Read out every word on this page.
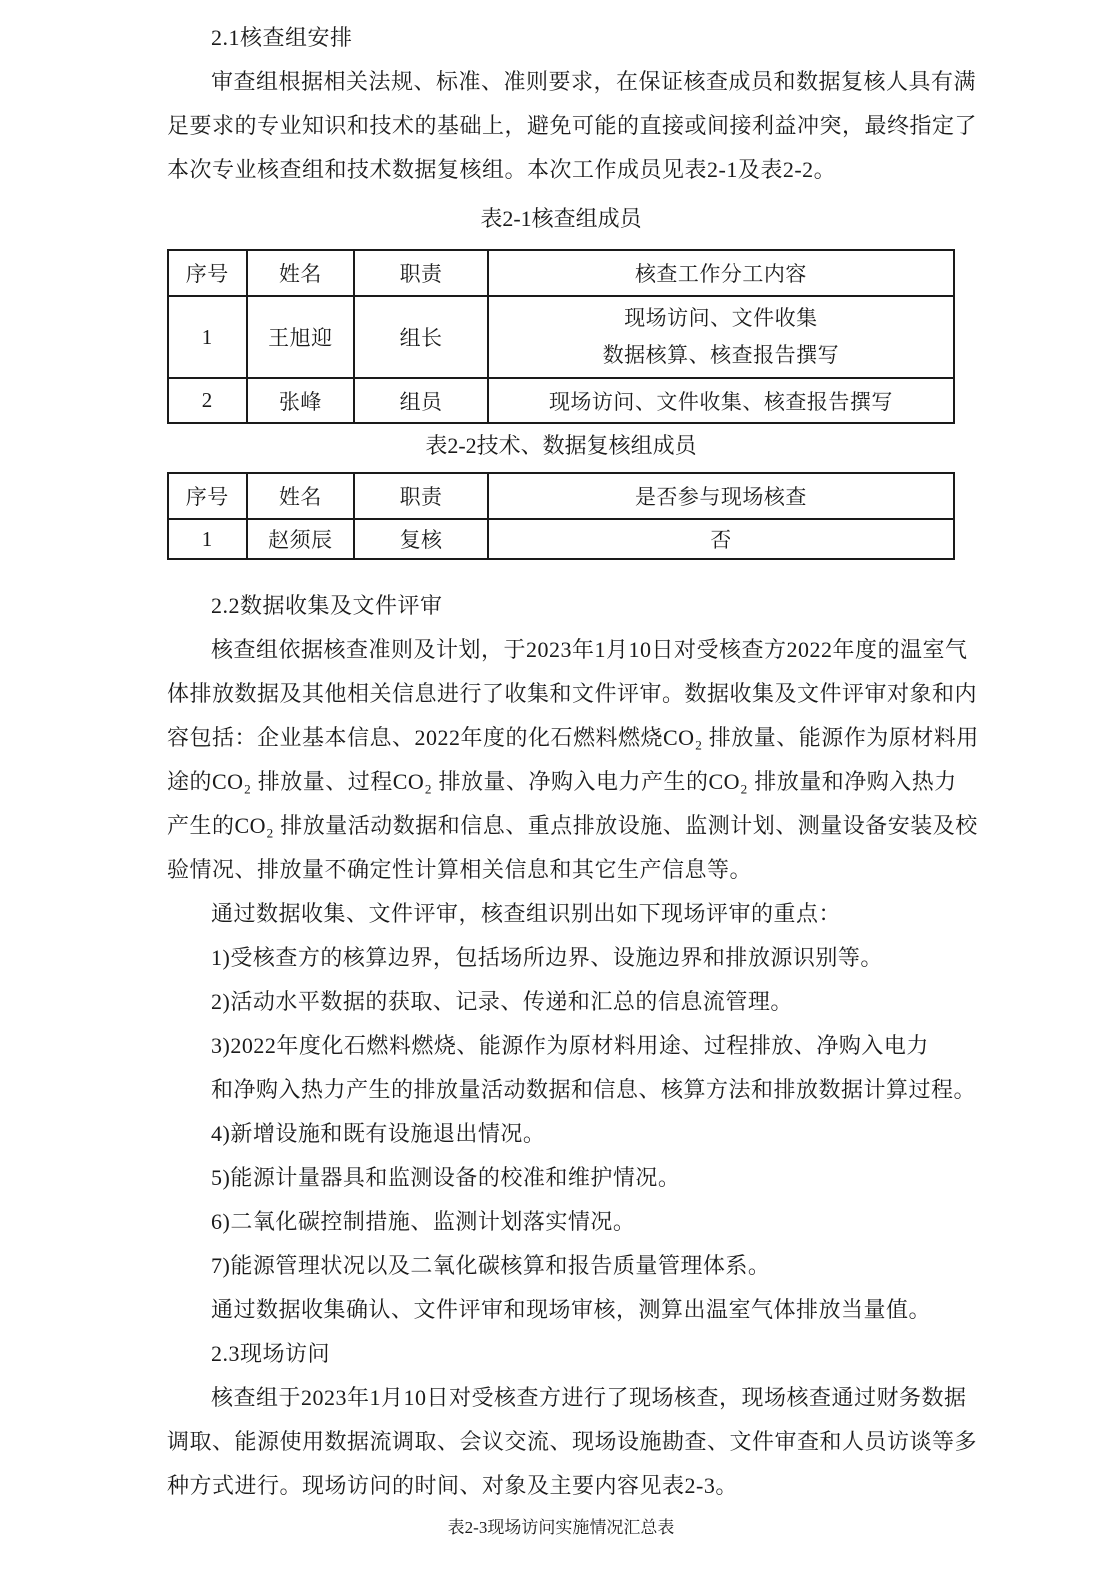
2.1核查组安排
审查组根据相关法规、标准、准则要求，在保证核查成员和数据复核人具有满
足要求的专业知识和技术的基础上，避免可能的直接或间接利益冲突，最终指定了
本次专业核查组和技术数据复核组。本次工作成员见表2-1及表2-2。
表2-1核查组成员
序号	姓名	职责	核查工作分工内容
1	王旭迎	组长	现场访问、文件收集
数据核算、核查报告撰写

2	张峰	组员	现场访问、文件收集、核查报告撰写
表2-2技术、数据复核组成员
序号	姓名	职责	是否参与现场核查
1	赵须辰	复核	否
2.2数据收集及文件评审
核查组依据核查准则及计划，于2023年1月10日对受核查方2022年度的温室气
体排放数据及其他相关信息进行了收集和文件评审。数据收集及文件评审对象和内
容包括：企业基本信息、2022年度的化石燃料燃烧CO₂ 排放量、能源作为原材料用
途的CO₂ 排放量、过程CO₂ 排放量、净购入电力产生的CO₂ 排放量和净购入热力
产生的CO₂ 排放量活动数据和信息、重点排放设施、监测计划、测量设备安装及校
验情况、排放量不确定性计算相关信息和其它生产信息等。
通过数据收集、文件评审，核查组识别出如下现场评审的重点：
1)受核查方的核算边界，包括场所边界、设施边界和排放源识别等。
2)活动水平数据的获取、记录、传递和汇总的信息流管理。
3)2022年度化石燃料燃烧、能源作为原材料用途、过程排放、净购入电力
和净购入热力产生的排放量活动数据和信息、核算方法和排放数据计算过程。
4)新增设施和既有设施退出情况。
5)能源计量器具和监测设备的校准和维护情况。
6)二氧化碳控制措施、监测计划落实情况。
7)能源管理状况以及二氧化碳核算和报告质量管理体系。
通过数据收集确认、文件评审和现场审核，测算出温室气体排放当量值。
2.3现场访问
核查组于2023年1月10日对受核查方进行了现场核查，现场核查通过财务数据
调取、能源使用数据流调取、会议交流、现场设施勘查、文件审查和人员访谈等多
种方式进行。现场访问的时间、对象及主要内容见表2-3。
表2-3现场访问实施情况汇总表
